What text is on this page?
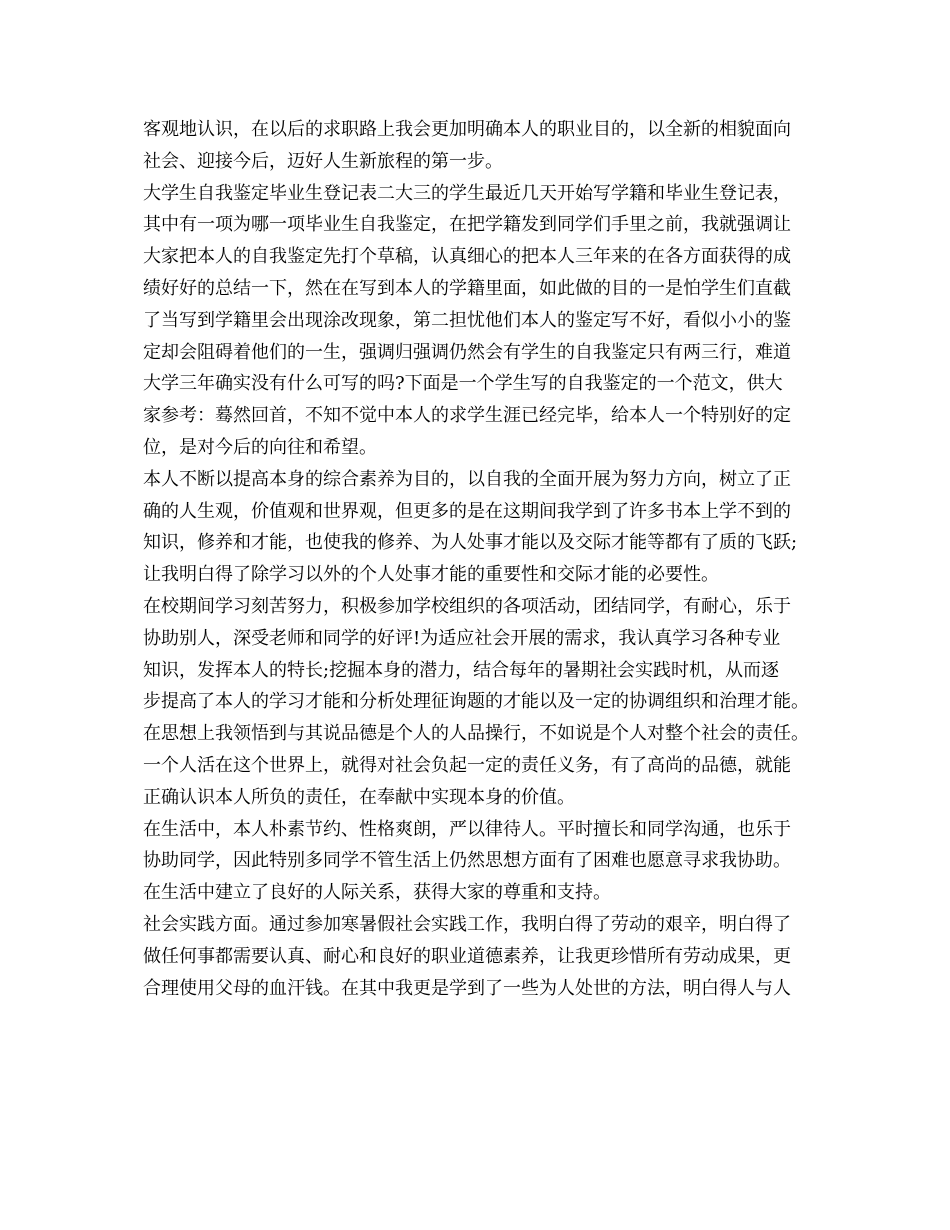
客观地认识，在以后的求职路上我会更加明确本人的职业目的，以全新的相貌面向
社会、迎接今后，迈好人生新旅程的第一步。
大学生自我鉴定毕业生登记表二大三的学生最近几天开始写学籍和毕业生登记表，
其中有一项为哪一项毕业生自我鉴定，在把学籍发到同学们手里之前，我就强调让
大家把本人的自我鉴定先打个草稿，认真细心的把本人三年来的在各方面获得的成
绩好好的总结一下，然在在写到本人的学籍里面，如此做的目的一是怕学生们直截
了当写到学籍里会出现涂改现象，第二担忧他们本人的鉴定写不好，看似小小的鉴
定却会阻碍着他们的一生，强调归强调仍然会有学生的自我鉴定只有两三行，难道
大学三年确实没有什么可写的吗?下面是一个学生写的自我鉴定的一个范文，供大
家参考：蓦然回首，不知不觉中本人的求学生涯已经完毕，给本人一个特别好的定
位，是对今后的向往和希望。
本人不断以提高本身的综合素养为目的，以自我的全面开展为努力方向，树立了正
确的人生观，价值观和世界观，但更多的是在这期间我学到了许多书本上学不到的
知识，修养和才能，也使我的修养、为人处事才能以及交际才能等都有了质的飞跃;
让我明白得了除学习以外的个人处事才能的重要性和交际才能的必要性。
在校期间学习刻苦努力，积极参加学校组织的各项活动，团结同学，有耐心，乐于
协助别人，深受老师和同学的好评!为适应社会开展的需求，我认真学习各种专业
知识，发挥本人的特长;挖掘本身的潜力，结合每年的暑期社会实践时机，从而逐
步提高了本人的学习才能和分析处理征询题的才能以及一定的协调组织和治理才能。
在思想上我领悟到与其说品德是个人的人品操行，不如说是个人对整个社会的责任。
一个人活在这个世界上，就得对社会负起一定的责任义务，有了高尚的品德，就能
正确认识本人所负的责任，在奉献中实现本身的价值。
在生活中，本人朴素节约、性格爽朗，严以律待人。平时擅长和同学沟通，也乐于
协助同学，因此特别多同学不管生活上仍然思想方面有了困难也愿意寻求我协助。
在生活中建立了良好的人际关系，获得大家的尊重和支持。
社会实践方面。通过参加寒暑假社会实践工作，我明白得了劳动的艰辛，明白得了
做任何事都需要认真、耐心和良好的职业道德素养，让我更珍惜所有劳动成果，更
合理使用父母的血汗钱。在其中我更是学到了一些为人处世的方法，明白得人与人
